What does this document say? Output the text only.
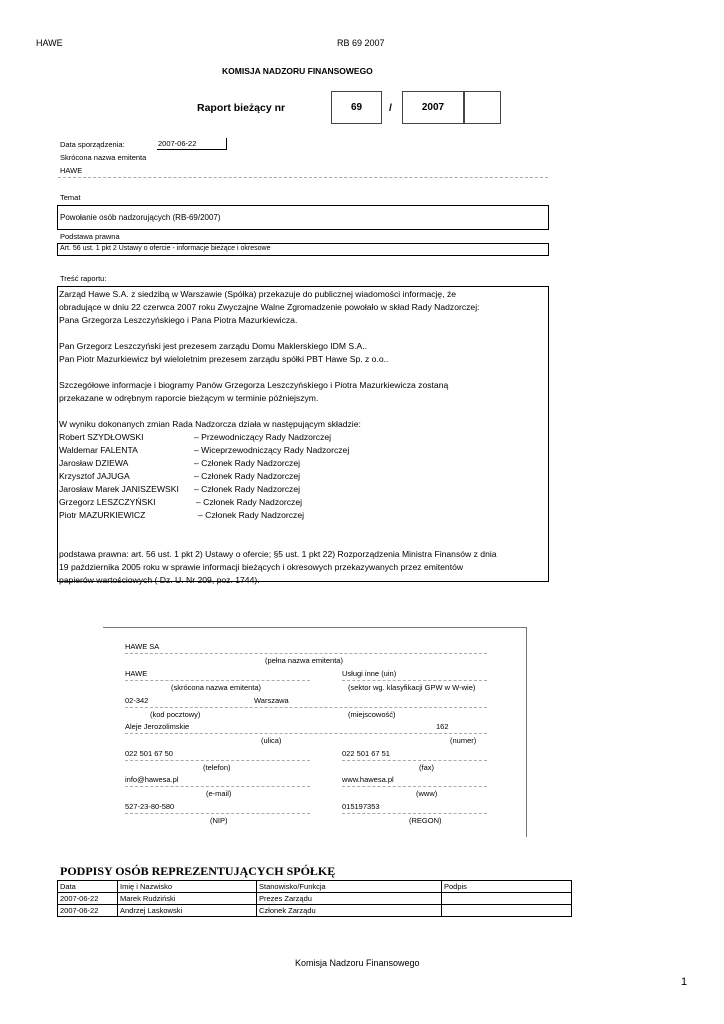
HAWE	RB 69 2007
KOMISJA NADZORU FINANSOWEGO
Raport bieżący nr	69	/	2007
Data sporządzenia:	2007-06-22
Skrócona nazwa emitenta
HAWE
Temat
Powołanie osób nadzorujących (RB-69/2007)
Podstawa prawna
Art. 56 ust. 1 pkt 2 Ustawy o ofercie - informacje bieżące i okresowe
Treść raportu:

Zarząd Hawe S.A. z siedzibą w Warszawie (Spółka) przekazuje do publicznej wiadomości informację, że

obradujące w dniu 22 czerwca 2007 roku Zwyczajne Walne Zgromadzenie powołało w skład Rady Nadzorczej:

Pana Grzegorza Leszczyńskiego i Pana Piotra Mazurkiewicza.

Pan Grzegorz Leszczyński jest prezesem zarządu Domu Maklerskiego IDM S.A..

Pan Piotr Mazurkiewicz był wieloletnim prezesem zarządu spółki PBT Hawe Sp. z o.o..

Szczegółowe informacje i biogramy Panów Grzegorza Leszczyńskiego i Piotra Mazurkiewicza zostaną

przekazane w odrębnym raporcie bieżącym w terminie późniejszym.

W wyniku dokonanych zmian Rada Nadzorcza działa w następującym składzie:

Robert SZYDŁOWSKI	– Przewodniczący Rady Nadzorczej
Waldemar FALENTA	– Wiceprzewodniczący Rady Nadzorczej
Jarosław DZIEWA	– Członek Rady Nadzorczej
Krzysztof JAJUGA	– Członek Rady Nadzorczej
Jarosław Marek JANISZEWSKI	– Członek Rady Nadzorczej
Grzegorz LESZCZYŃSKI	– Członek Rady Nadzorczej
Piotr MAZURKIEWICZ	– Członek Rady Nadzorczej

podstawa prawna: art. 56 ust. 1 pkt 2) Ustawy o ofercie; §5 ust. 1 pkt 22) Rozporządzenia Ministra Finansów z dnia

19 października 2005 roku w sprawie informacji bieżących i okresowych przekazywanych przez emitentów

papierów wartościowych ( Dz. U. Nr 209, poz. 1744).

HAWE SA
(pełna nazwa emitenta)
HAWE	Usługi inne (uin)
(skrócona nazwa emitenta)	(sektor wg. klasyfikacji GPW w W-wie)
02-342	Warszawa
(kod pocztowy)	(miejscowość)
Aleje Jerozolimskie	162
(ulica)	(numer)
022 501 67 50	022 501 67 51
(telefon)	(fax)
info@hawesa.pl	www.hawesa.pl
(e-mail)	(www)
527-23-80-580	015197353
(NIP)	(REGON)
PODPISY OSÓB REPREZENTUJĄCYCH SPÓŁKĘ
Data	Imię i Nazwisko	Stanowisko/Funkcja	Podpis
2007-06-22	Marek Rudziński	Prezes Zarządu	
2007-06-22	Andrzej Laskowski	Członek Zarządu	
Komisja Nadzoru Finansowego
1
